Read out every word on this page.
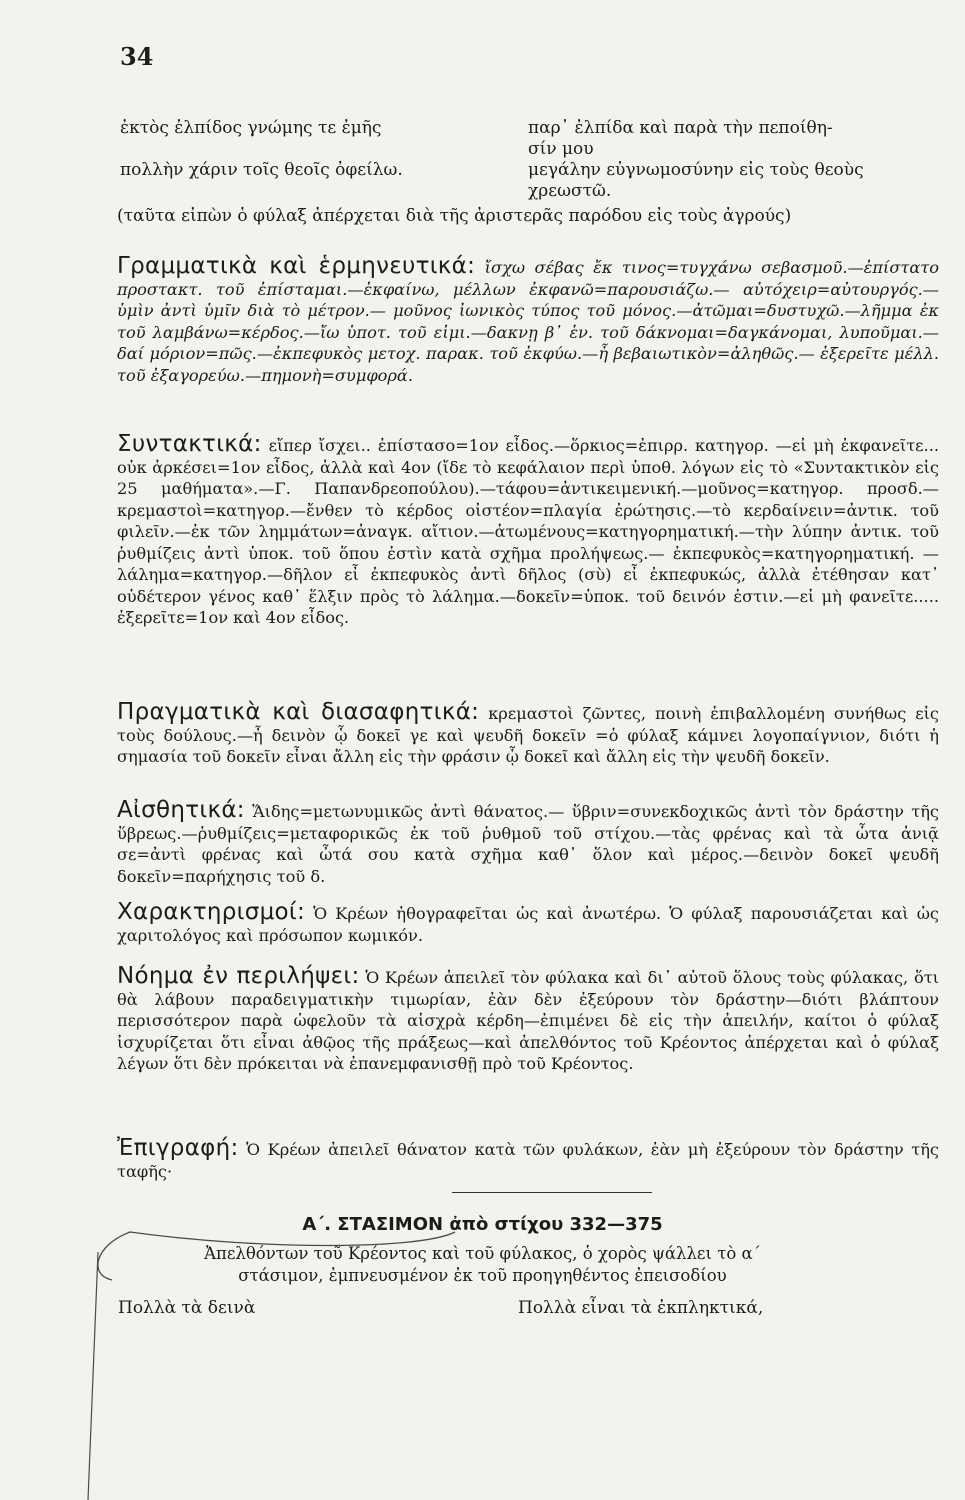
34
ἐκτὸς ἐλπίδος γνώμης τε ἐμῆς	παρ᾽ ἐλπίδα καὶ παρὰ τὴν πεποίθη-
σίν μου
πολλὴν χάριν τοῖς θεοῖς ὀφείλω.	μεγάλην εὐγνωμοσύνην εἰς τοὺς θεοὺς
χρεωστῶ.
(ταῦτα εἰπὼν ὁ φύλαξ ἀπέρχεται διὰ τῆς ἀριστερᾶς παρόδου εἰς τοὺς ἀγρούς)
Γραμματικὰ καὶ ἑρμηνευτικά: ἴσχω σέβας ἔκ τινος=τυγχάνω σεβασμοῦ.—ἐπίστατο προστακτ. τοῦ ἐπίσταμαι.—ἐκφαίνω, μέλλων ἐκφανῶ=παρουσιάζω.— αὐτόχειρ=αὐτουργός.— ὑμὶν ἀντὶ ὑμῖν διὰ τὸ μέτρον.— μοῦνος ἰωνικὸς τύπος τοῦ μόνος.—ἀτῶμαι=δυστυχῶ.—λῆμμα ἐκ τοῦ λαμβάνω=κέρδος.—ἴω ὑποτ. τοῦ εἰμι.—δακνῃ β᾽ ἑν. τοῦ δάκνομαι=δαγκάνομαι, λυποῦμαι.—δαί μόριον=πῶς.—ἐκπεφυκὸς μετοχ. παρακ. τοῦ ἐκφύω.—ἦ βεβαιωτικὸν=ἀληθῶς.— ἐξερεῖτε μέλλ. τοῦ ἐξαγορεύω.—πημονὴ=συμφορά.
Συντακτικά: εἴπερ ἴσχει.. ἐπίστασο=1ον εἶδος.—ὅρκιος=ἐπιρρ. κατηγορ. —εἰ μὴ ἐκφανεῖτε... οὐκ ἀρκέσει=1ον εἶδος, ἀλλὰ καὶ 4ον (ἴδε τὸ κεφάλαιον περὶ ὑποθ. λόγων εἰς τὸ «Συντακτικὸν εἰς 25 μαθήματα».—Γ. Παπανδρεοπούλου).—τάφου=ἀντικειμενική.—μοῦνος=κατηγορ. προσδ.— κρεμαστοὶ=κατηγορ.—ἔνθεν τὸ κέρδος οἰστέον=πλαγία ἐρώτησις.—τὸ κερδαίνειν=ἀντικ. τοῦ φιλεῖν.—ἐκ τῶν λημμάτων=ἀναγκ. αἴτιον.—ἀτωμένους=κατηγορηματική.—τὴν λύπην ἀντικ. τοῦ ῥυθμίζεις ἀντὶ ὑποκ. τοῦ ὅπου ἐστὶν κατὰ σχῆμα προλήψεως.— ἐκπεφυκὸς=κατηγορηματική. —λάλημα=κατηγορ.—δῆλον εἶ ἐκπεφυκὸς ἀντὶ δῆλος (σὺ) εἶ ἐκπεφυκώς, ἀλλὰ ἐτέθησαν κατ᾽ οὐδέτερον γένος καθ᾽ ἕλξιν πρὸς τὸ λάλημα.—δοκεῖν=ὑποκ. τοῦ δεινόν ἐστιν.—εἰ μὴ φανεῖτε..... ἐξερεῖτε=1ον καὶ 4ον εἶδος.
Πραγματικὰ καὶ διασαφητικά: κρεμαστοὶ ζῶντες, ποινὴ ἐπιβαλλομένη συνήθως εἰς τοὺς δούλους.—ἦ δεινὸν ᾧ δοκεῖ γε καὶ ψευδῆ δοκεῖν =ὁ φύλαξ κάμνει λογοπαίγνιον, διότι ἡ σημασία τοῦ δοκεῖν εἶναι ἄλλη εἰς τὴν φράσιν ᾧ δοκεῖ καὶ ἄλλη εἰς τὴν ψευδῆ δοκεῖν.
Αἰσθητικά: Ἅιδης=μετωνυμικῶς ἀντὶ θάνατος.— ὕβριν=συνεκδοχικῶς ἀντὶ τὸν δράστην τῆς ὕβρεως.—ῥυθμίζεις=μεταφορικῶς ἐκ τοῦ ῥυθμοῦ τοῦ στίχου.—τὰς φρένας καὶ τὰ ὦτα ἀνιᾷ σε=ἀντὶ φρένας καὶ ὦτά σου κατὰ σχῆμα καθ᾽ ὅλον καὶ μέρος.—δεινὸν δοκεῖ ψευδῆ δοκεῖν=παρήχησις τοῦ δ.
Χαρακτηρισμοί: Ὁ Κρέων ἠθογραφεῖται ὡς καὶ ἀνωτέρω. Ὁ φύλαξ παρουσιάζεται καὶ ὡς χαριτολόγος καὶ πρόσωπον κωμικόν.
Νόημα ἐν περιλήψει: Ὁ Κρέων ἀπειλεῖ τὸν φύλακα καὶ δι᾽ αὐτοῦ ὅλους τοὺς φύλακας, ὅτι θὰ λάβουν παραδειγματικὴν τιμωρίαν, ἐὰν δὲν ἐξεύρουν τὸν δράστην—διότι βλάπτουν περισσότερον παρὰ ὠφελοῦν τὰ αἰσχρὰ κέρδη—ἐπιμένει δὲ εἰς τὴν ἀπειλήν, καίτοι ὁ φύλαξ ἰσχυρίζεται ὅτι εἶναι ἀθῷος τῆς πράξεως—καὶ ἀπελθόντος τοῦ Κρέοντος ἀπέρχεται καὶ ὁ φύλαξ λέγων ὅτι δὲν πρόκειται νὰ ἐπανεμφανισθῇ πρὸ τοῦ Κρέοντος.
Ἐπιγραφή: Ὁ Κρέων ἀπειλεῖ θάνατον κατὰ τῶν φυλάκων, ἐὰν μὴ ἐξεύρουν τὸν δράστην τῆς ταφῆς·
Α΄. ΣΤΑΣΙΜΟΝ ἀπὸ στίχου 332—375
Ἀπελθόντων τοῦ Κρέοντος καὶ τοῦ φύλακος, ὁ χορὸς ψάλλει τὸ α΄
στάσιμον, ἐμπνευσμένον ἐκ τοῦ προηγηθέντος ἐπεισοδίου
Πολλὰ τὰ δεινὰ	Πολλὰ εἶναι τὰ ἐκπληκτικά,
